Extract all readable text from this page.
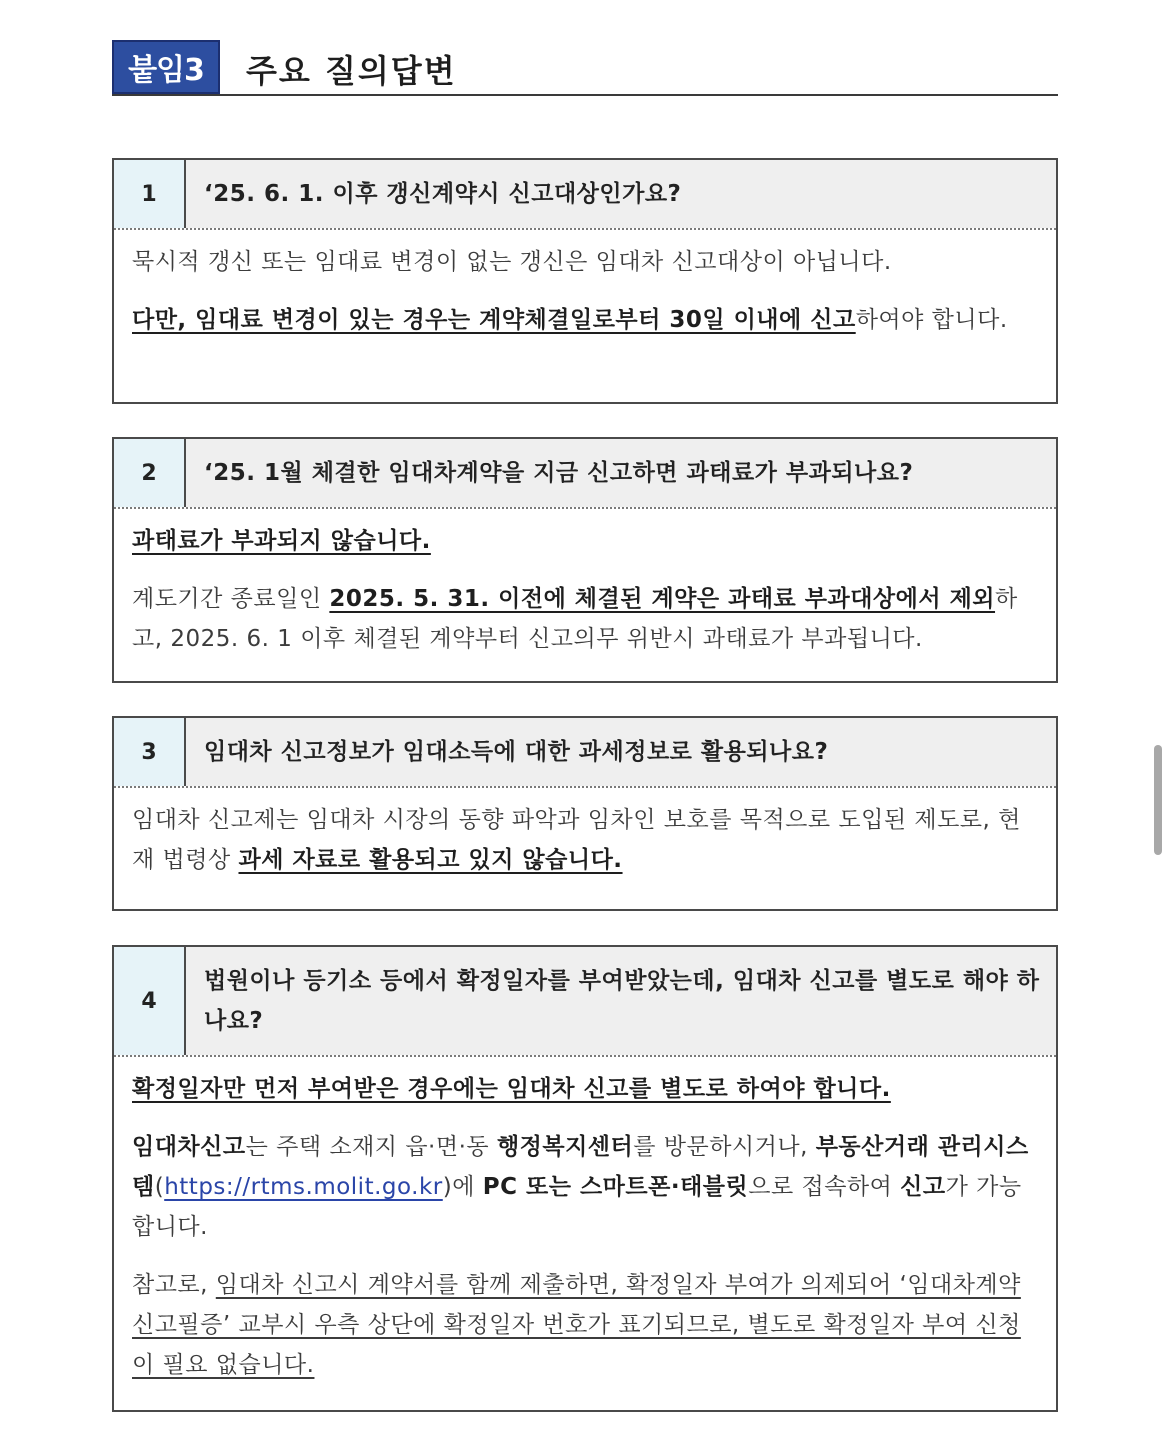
붙임3	주요 질의답변
1	‘25. 6. 1. 이후 갱신계약시 신고대상인가요?

묵시적 갱신 또는 임대료 변경이 없는 갱신은 임대차 신고대상이 아닙니다.

다만, 임대료 변경이 있는 경우는 계약체결일로부터 30일 이내에 신고하여야 합니다.

2	‘25. 1월 체결한 임대차계약을 지금 신고하면 과태료가 부과되나요?

과태료가 부과되지 않습니다.

계도기간 종료일인 2025. 5. 31. 이전에 체결된 계약은 과태료 부과대상에서 제외하고, 2025. 6. 1 이후 체결된 계약부터 신고의무 위반시 과태료가 부과됩니다.

3	임대차 신고정보가 임대소득에 대한 과세정보로 활용되나요?

임대차 신고제는 임대차 시장의 동향 파악과 임차인 보호를 목적으로 도입된 제도로, 현재 법령상 과세 자료로 활용되고 있지 않습니다.

4
법원이나 등기소 등에서 확정일자를 부여받았는데, 임대차 신고를 별도로 해야 하나요?

확정일자만 먼저 부여받은 경우에는 임대차 신고를 별도로 하여야 합니다.

임대차신고는 주택 소재지 읍·면·동 행정복지센터를 방문하시거나, 부동산거래 관리시스템(https://rtms.molit.go.kr)에 PC 또는 스마트폰·태블릿으로 접속하여 신고가 가능합니다.

참고로, 임대차 신고시 계약서를 함께 제출하면, 확정일자 부여가 의제되어 ‘임대차계약신고필증’ 교부시 우측 상단에 확정일자 번호가 표기되므로, 별도로 확정일자 부여 신청이 필요 없습니다.
